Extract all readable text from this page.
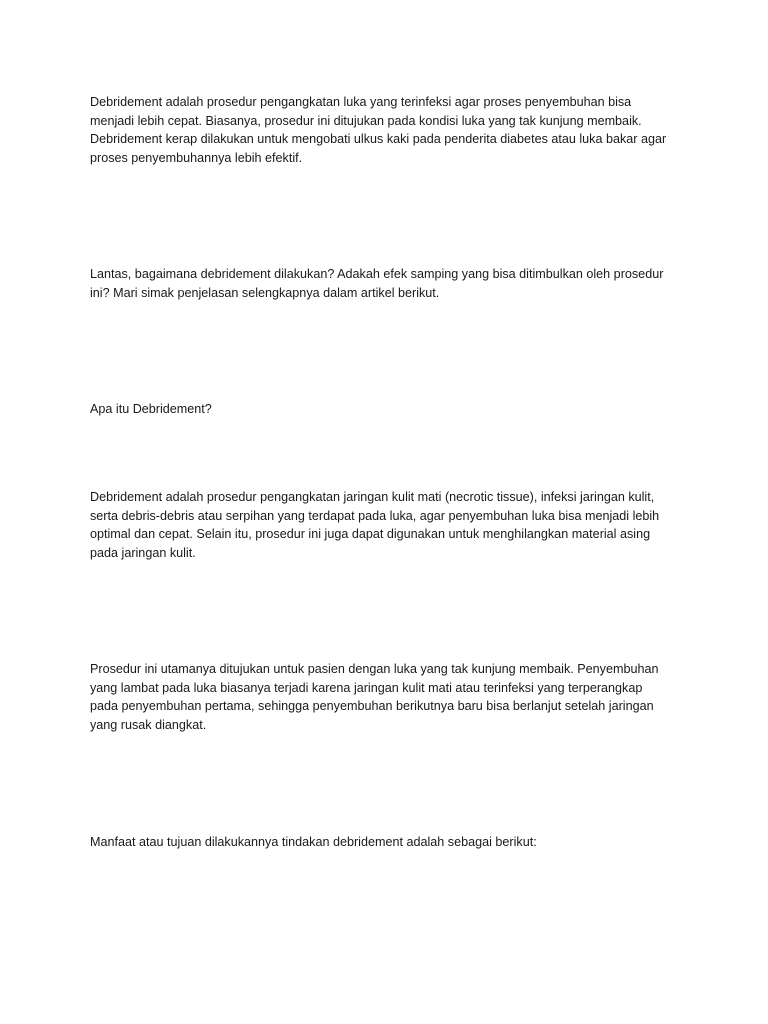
Debridement adalah prosedur pengangkatan luka yang terinfeksi agar proses penyembuhan bisa
menjadi lebih cepat. Biasanya, prosedur ini ditujukan pada kondisi luka yang tak kunjung membaik.
Debridement kerap dilakukan untuk mengobati ulkus kaki pada penderita diabetes atau luka bakar agar
proses penyembuhannya lebih efektif.

Lantas, bagaimana debridement dilakukan? Adakah efek samping yang bisa ditimbulkan oleh prosedur
ini? Mari simak penjelasan selengkapnya dalam artikel berikut.

Apa itu Debridement?

Debridement adalah prosedur pengangkatan jaringan kulit mati (necrotic tissue), infeksi jaringan kulit,
serta debris-debris atau serpihan yang terdapat pada luka, agar penyembuhan luka bisa menjadi lebih
optimal dan cepat. Selain itu, prosedur ini juga dapat digunakan untuk menghilangkan material asing
pada jaringan kulit.

Prosedur ini utamanya ditujukan untuk pasien dengan luka yang tak kunjung membaik. Penyembuhan
yang lambat pada luka biasanya terjadi karena jaringan kulit mati atau terinfeksi yang terperangkap
pada penyembuhan pertama, sehingga penyembuhan berikutnya baru bisa berlanjut setelah jaringan
yang rusak diangkat.

Manfaat atau tujuan dilakukannya tindakan debridement adalah sebagai berikut:
